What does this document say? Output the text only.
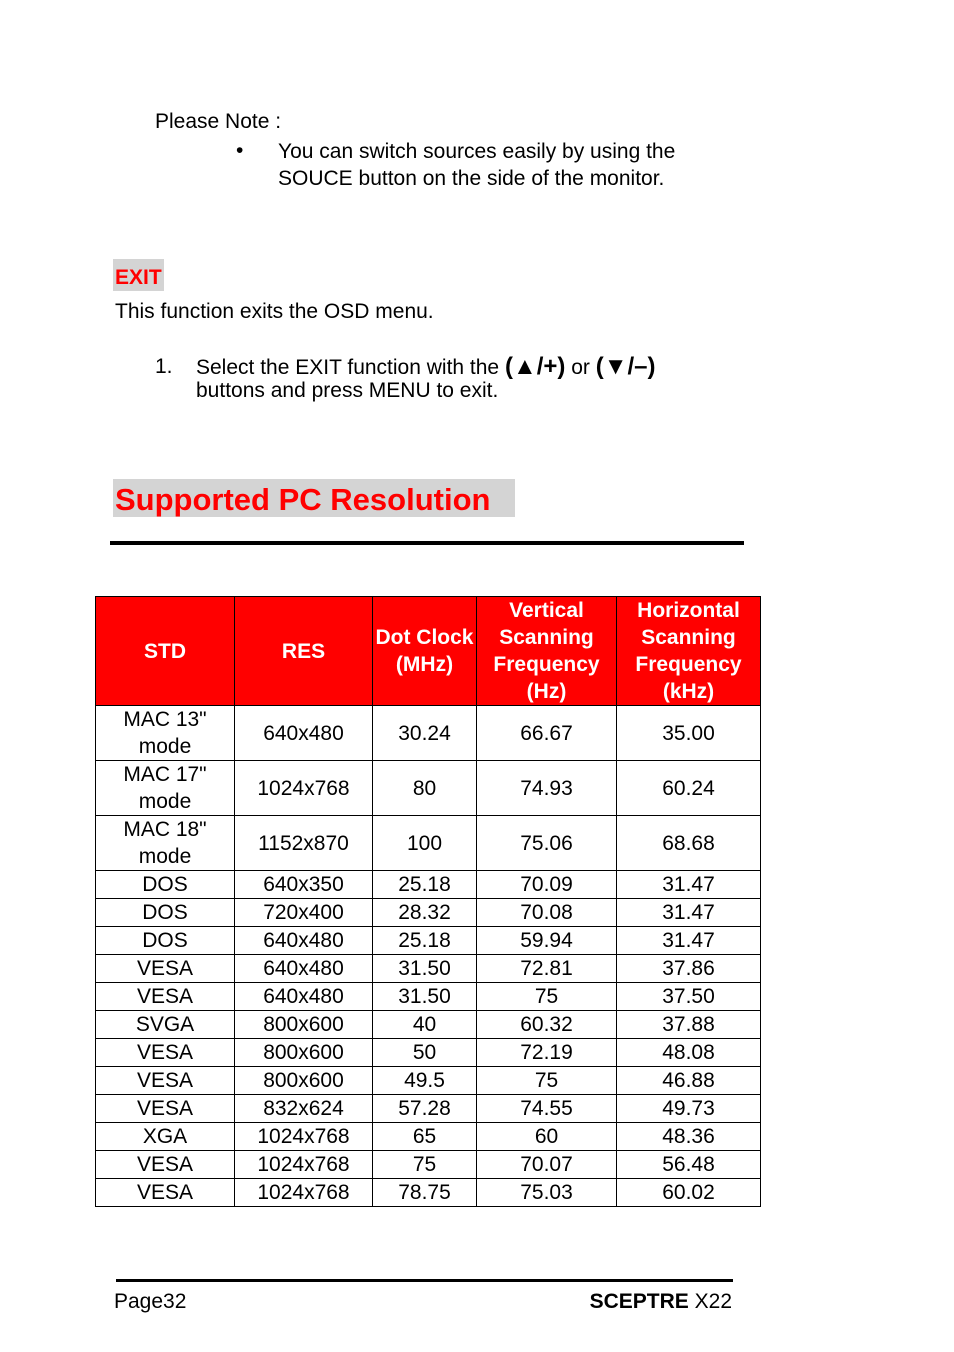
Please Note :
• You can switch sources easily by using the SOUCE button on the side of the monitor.
EXIT
This function exits the OSD menu.
1. Select the EXIT function with the (▲/+) or (▼/–)
buttons and press MENU to exit.
Supported PC Resolution
STD	RES	Dot Clock (MHz)	Vertical Scanning Frequency (Hz)	Horizontal Scanning Frequency (kHz)
MAC 13" mode	640x480	30.24	66.67	35.00
MAC 17" mode	1024x768	80	74.93	60.24
MAC 18" mode	1152x870	100	75.06	68.68
DOS	640x350	25.18	70.09	31.47
DOS	720x400	28.32	70.08	31.47
DOS	640x480	25.18	59.94	31.47
VESA	640x480	31.50	72.81	37.86
VESA	640x480	31.50	75	37.50
SVGA	800x600	40	60.32	37.88
VESA	800x600	50	72.19	48.08
VESA	800x600	49.5	75	46.88
VESA	832x624	57.28	74.55	49.73
XGA	1024x768	65	60	48.36
VESA	1024x768	75	70.07	56.48
VESA	1024x768	78.75	75.03	60.02
Page32	SCEPTRE X22
